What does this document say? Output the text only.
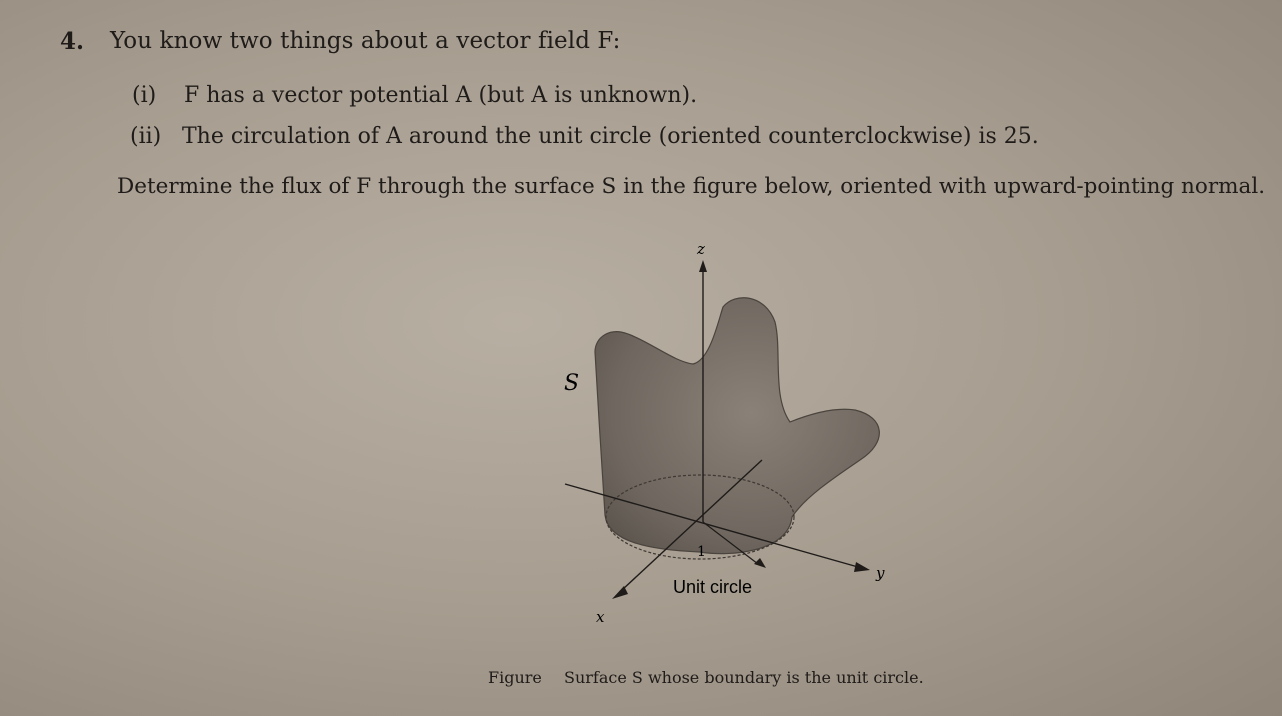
4. You know two things about a vector field F:
(i) F has a vector potential A (but A is unknown).
(ii) The circulation of A around the unit circle (oriented counterclockwise) is 25.
Determine the flux of F through the surface S in the figure below, oriented with upward-pointing normal.
S
z
x
y
1
Unit circle
Figure Surface S whose boundary is the unit circle.
